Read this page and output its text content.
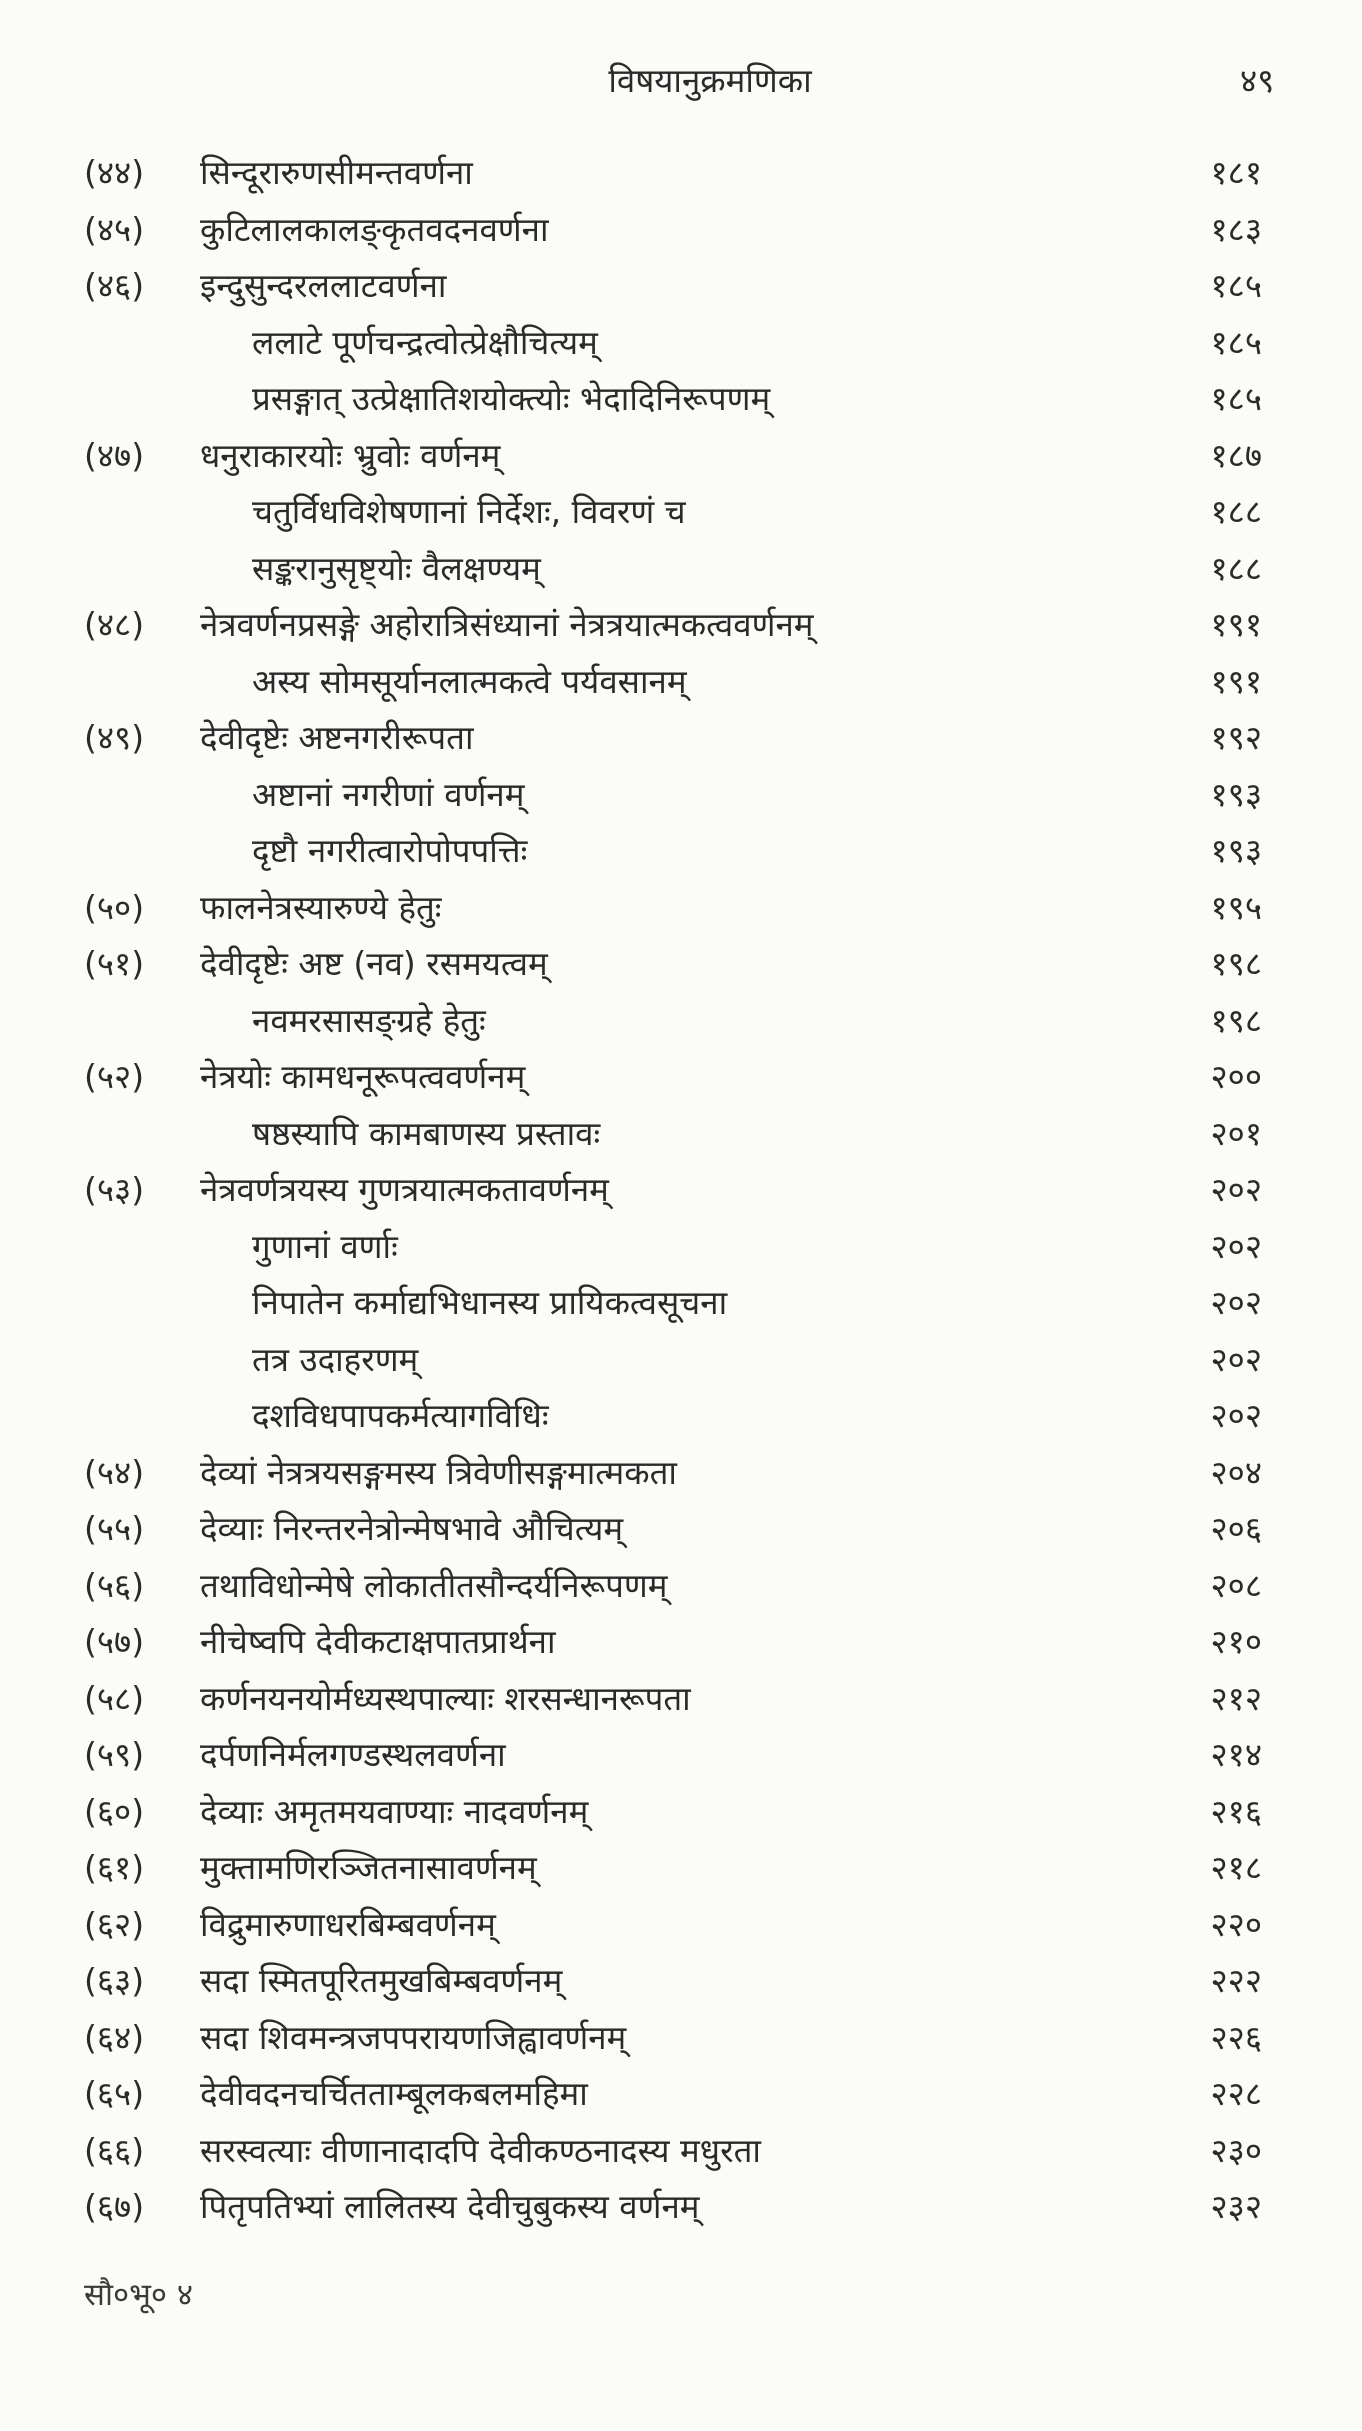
विषयानुक्रमणिका	४९
(४४)	सिन्दूरारुणसीमन्तवर्णना	१८१
(४५)	कुटिलालकालङ्कृतवदनवर्णना	१८३
(४६)	इन्दुसुन्दरललाटवर्णना	१८५
ललाटे पूर्णचन्द्रत्वोत्प्रेक्षौचित्यम्	१८५
प्रसङ्गात् उत्प्रेक्षातिशयोक्त्योः भेदादिनिरूपणम्	१८५
(४७)	धनुराकारयोः भ्रुवोः वर्णनम्	१८७
चतुर्विधविशेषणानां निर्देशः, विवरणं च	१८८
सङ्करानुसृष्ट्योः वैलक्षण्यम्	१८८
(४८)	नेत्रवर्णनप्रसङ्गे अहोरात्रिसंध्यानां नेत्रत्रयात्मकत्ववर्णनम्	१९१
अस्य सोमसूर्यानलात्मकत्वे पर्यवसानम्	१९१
(४९)	देवीदृष्टेः अष्टनगरीरूपता	१९२
अष्टानां नगरीणां वर्णनम्	१९३
दृष्टौ नगरीत्वारोपोपपत्तिः	१९३
(५०)	फालनेत्रस्यारुण्ये हेतुः	१९५
(५१)	देवीदृष्टेः अष्ट (नव) रसमयत्वम्	१९८
नवमरसासङ्ग्रहे हेतुः	१९८
(५२)	नेत्रयोः कामधनूरूपत्ववर्णनम्	२००
षष्ठस्यापि कामबाणस्य प्रस्तावः	२०१
(५३)	नेत्रवर्णत्रयस्य गुणत्रयात्मकतावर्णनम्	२०२
गुणानां वर्णाः	२०२
निपातेन कर्माद्यभिधानस्य प्रायिकत्वसूचना	२०२
तत्र उदाहरणम्	२०२
दशविधपापकर्मत्यागविधिः	२०२
(५४)	देव्यां नेत्रत्रयसङ्गमस्य त्रिवेणीसङ्गमात्मकता	२०४
(५५)	देव्याः निरन्तरनेत्रोन्मेषभावे औचित्यम्	२०६
(५६)	तथाविधोन्मेषे लोकातीतसौन्दर्यनिरूपणम्	२०८
(५७)	नीचेष्वपि देवीकटाक्षपातप्रार्थना	२१०
(५८)	कर्णनयनयोर्मध्यस्थपाल्याः शरसन्धानरूपता	२१२
(५९)	दर्पणनिर्मलगण्डस्थलवर्णना	२१४
(६०)	देव्याः अमृतमयवाण्याः नादवर्णनम्	२१६
(६१)	मुक्तामणिरञ्जितनासावर्णनम्	२१८
(६२)	विद्रुमारुणाधरबिम्बवर्णनम्	२२०
(६३)	सदा स्मितपूरितमुखबिम्बवर्णनम्	२२२
(६४)	सदा शिवमन्त्रजपपरायणजिह्वावर्णनम्	२२६
(६५)	देवीवदनचर्चितताम्बूलकबलमहिमा	२२८
(६६)	सरस्वत्याः वीणानादादपि देवीकण्ठनादस्य मधुरता	२३०
(६७)	पितृपतिभ्यां लालितस्य देवीचुबुकस्य वर्णनम्	२३२
सौ०भू० ४
